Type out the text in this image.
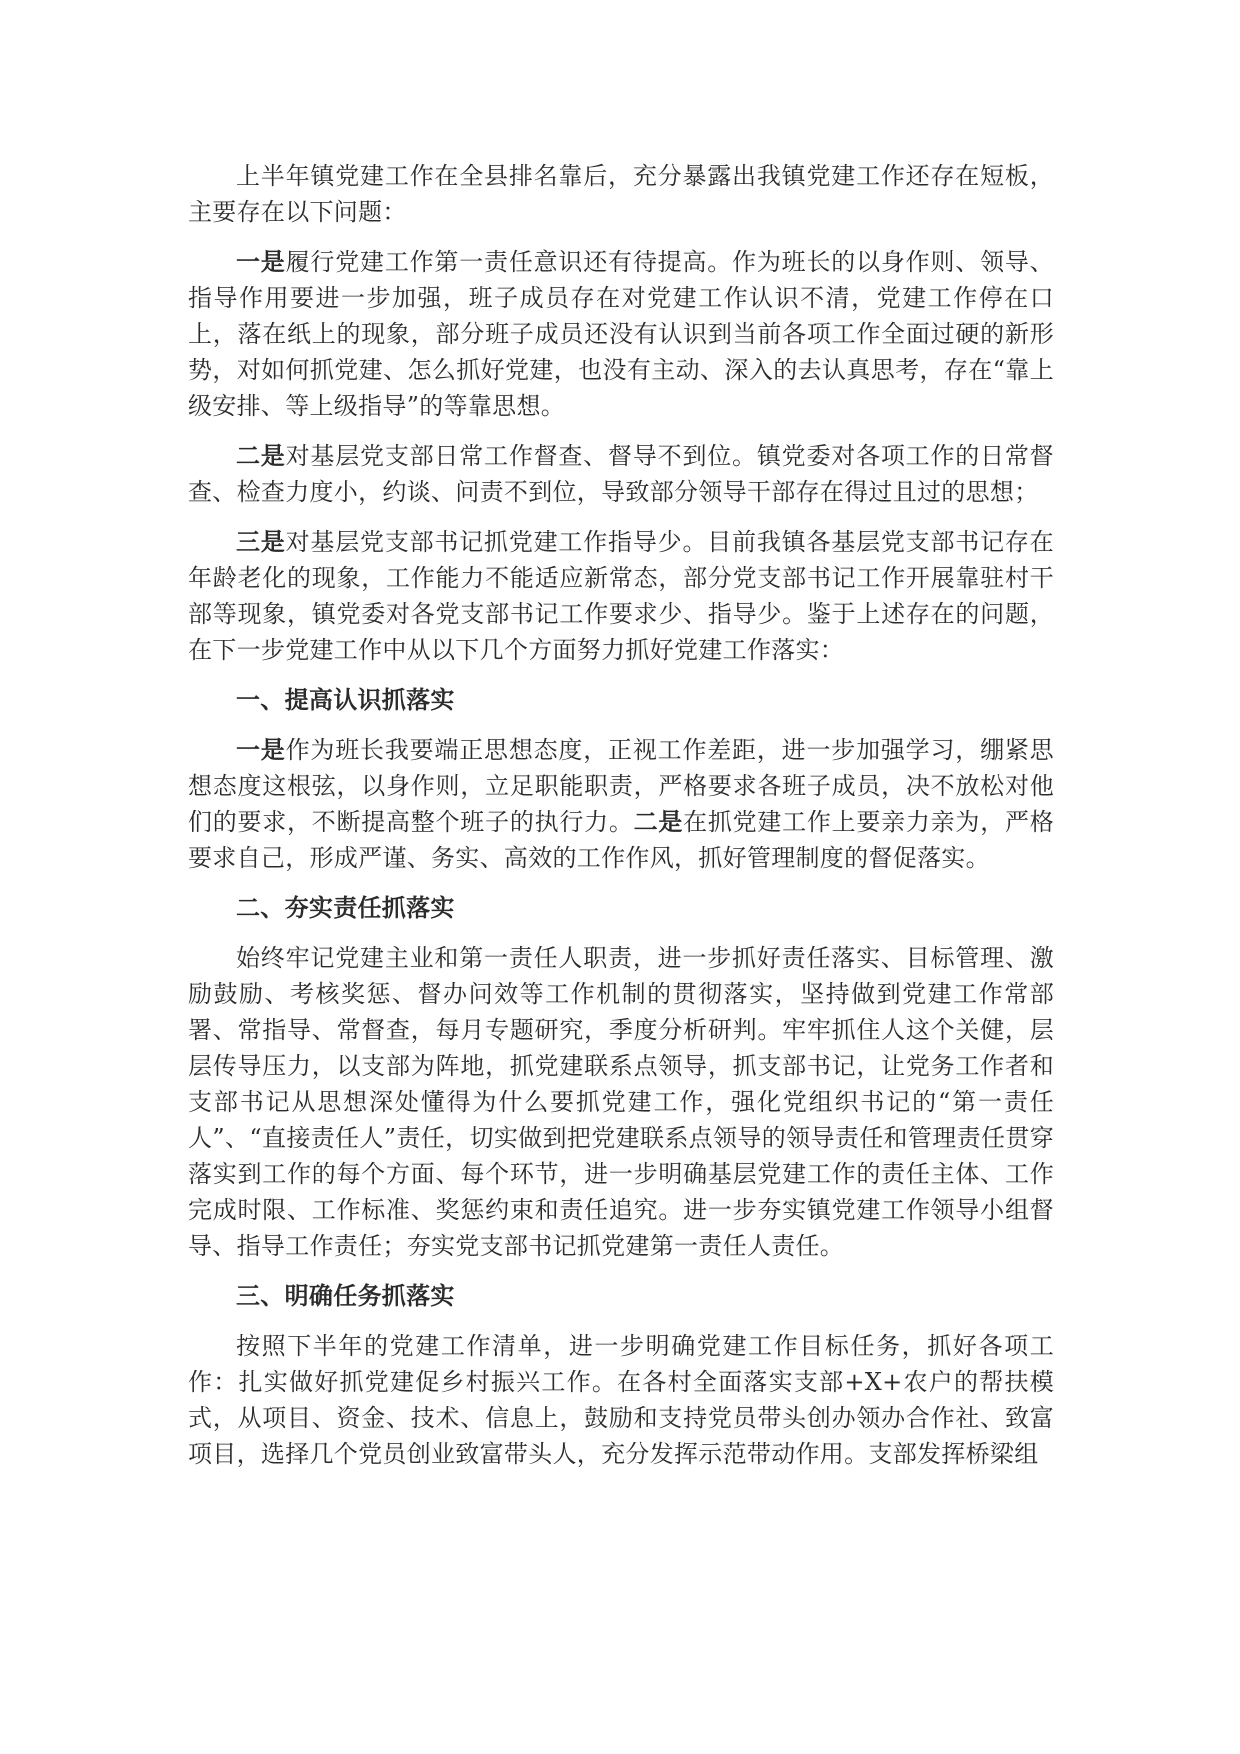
上半年镇党建工作在全县排名靠后，充分暴露出我镇党建工作还存在短板，主要存在以下问题：

一是履行党建工作第一责任意识还有待提高。作为班长的以身作则、领导、指导作用要进一步加强，班子成员存在对党建工作认识不清，党建工作停在口上，落在纸上的现象，部分班子成员还没有认识到当前各项工作全面过硬的新形势，对如何抓党建、怎么抓好党建，也没有主动、深入的去认真思考，存在“靠上级安排、等上级指导”的等靠思想。

二是对基层党支部日常工作督查、督导不到位。镇党委对各项工作的日常督查、检查力度小，约谈、问责不到位，导致部分领导干部存在得过且过的思想；

三是对基层党支部书记抓党建工作指导少。目前我镇各基层党支部书记存在年龄老化的现象，工作能力不能适应新常态，部分党支部书记工作开展靠驻村干部等现象，镇党委对各党支部书记工作要求少、指导少。鉴于上述存在的问题，在下一步党建工作中从以下几个方面努力抓好党建工作落实：

一、提高认识抓落实

一是作为班长我要端正思想态度，正视工作差距，进一步加强学习，绷紧思想态度这根弦，以身作则，立足职能职责，严格要求各班子成员，决不放松对他们的要求，不断提高整个班子的执行力。二是在抓党建工作上要亲力亲为，严格要求自己，形成严谨、务实、高效的工作作风，抓好管理制度的督促落实。

二、夯实责任抓落实

始终牢记党建主业和第一责任人职责，进一步抓好责任落实、目标管理、激励鼓励、考核奖惩、督办问效等工作机制的贯彻落实，坚持做到党建工作常部署、常指导、常督查，每月专题研究，季度分析研判。牢牢抓住人这个关健，层层传导压力，以支部为阵地，抓党建联系点领导，抓支部书记，让党务工作者和支部书记从思想深处懂得为什么要抓党建工作，强化党组织书记的“第一责任人”、“直接责任人”责任，切实做到把党建联系点领导的领导责任和管理责任贯穿落实到工作的每个方面、每个环节，进一步明确基层党建工作的责任主体、工作完成时限、工作标准、奖惩约束和责任追究。进一步夯实镇党建工作领导小组督导、指导工作责任；夯实党支部书记抓党建第一责任人责任。

三、明确任务抓落实

按照下半年的党建工作清单，进一步明确党建工作目标任务，抓好各项工作：扎实做好抓党建促乡村振兴工作。在各村全面落实支部+X+农户的帮扶模式，从项目、资金、技术、信息上，鼓励和支持党员带头创办领办合作社、致富项目，选择几个党员创业致富带头人，充分发挥示范带动作用。支部发挥桥梁组
